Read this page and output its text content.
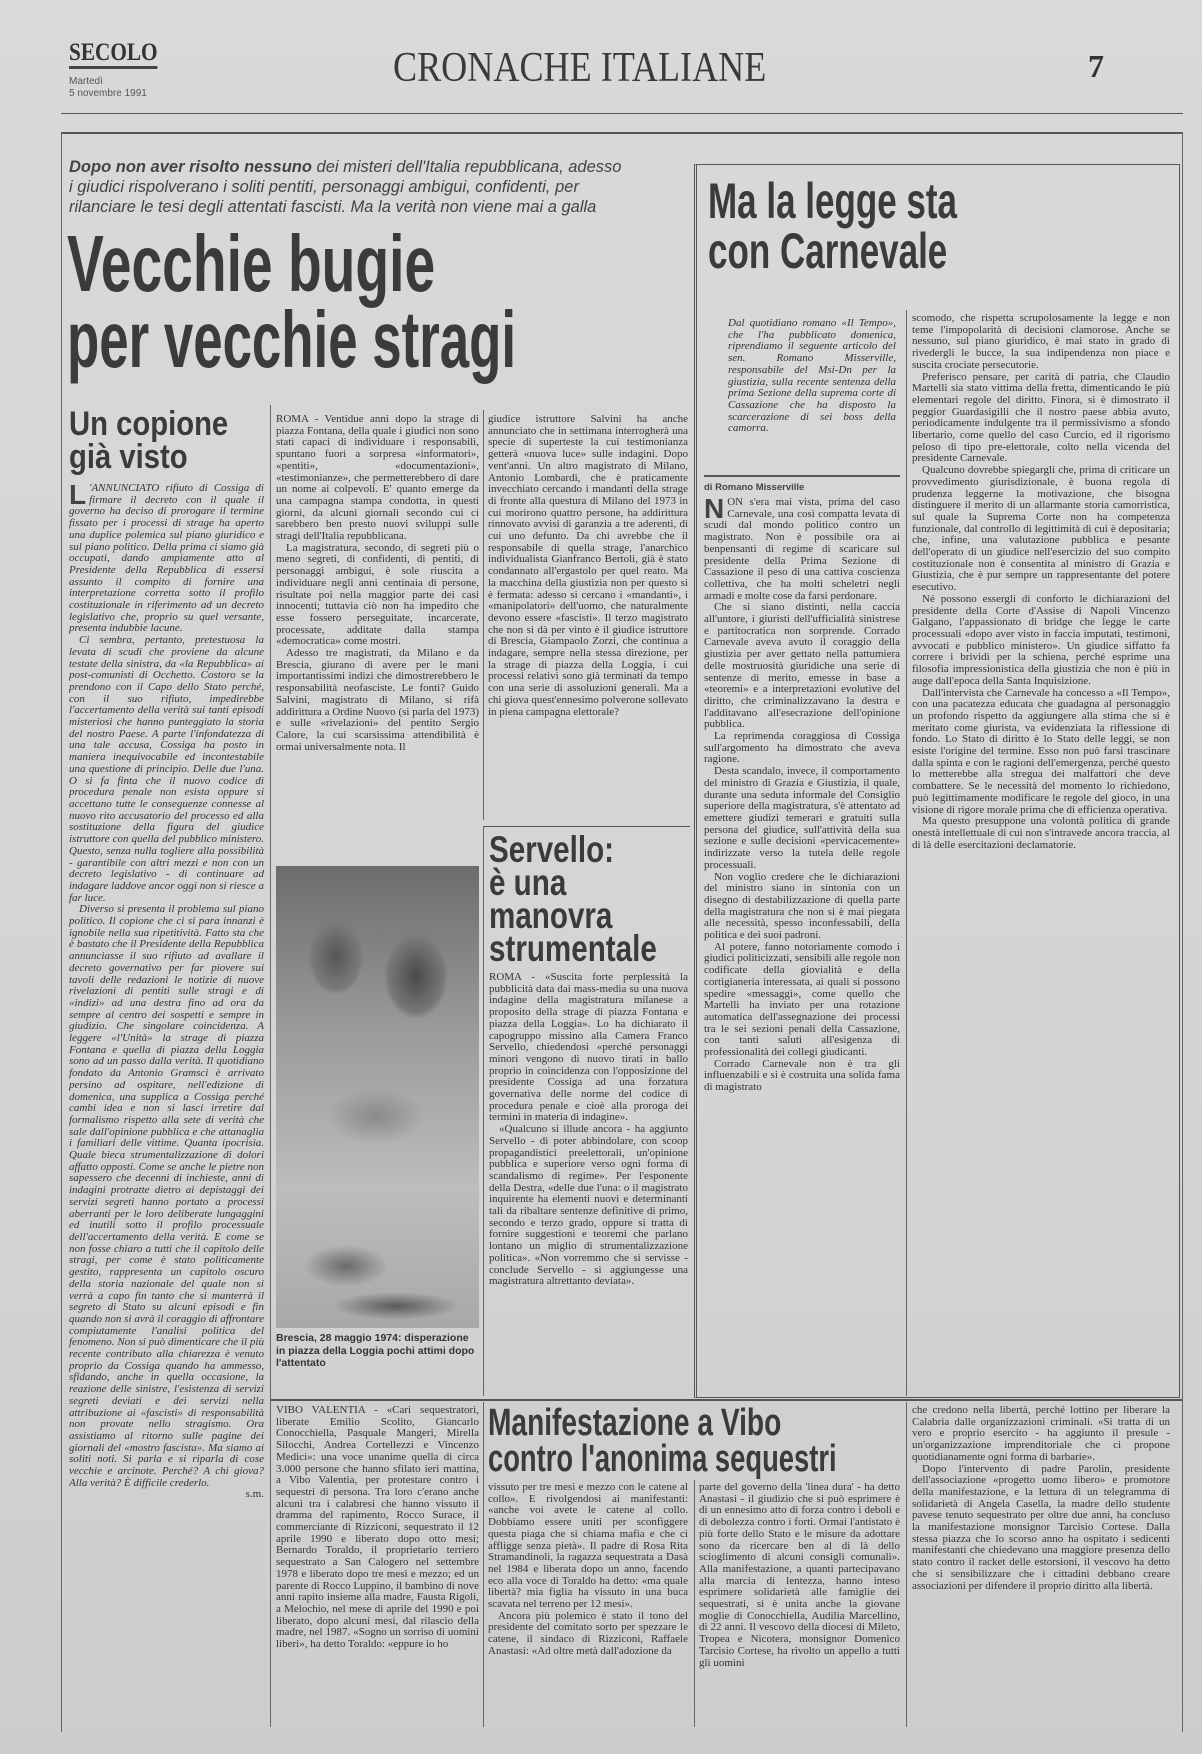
SECOLO
Martedì
5 novembre 1991
CRONACHE ITALIANE	7
Dopo non aver risolto nessuno dei misteri dell'Italia repubblicana, adesso i giudici rispolverano i soliti pentiti, personaggi ambigui, confidenti, per rilanciare le tesi degli attentati fascisti. Ma la verità non viene mai a galla
Vecchie bugie
per vecchie stragi
Un copione
già visto
L 'ANNUNCIATO rifiuto di Cossiga di firmare il decreto con il quale il governo ha deciso di prorogare il termine fissato per i processi di strage ha aperto una duplice polemica sul piano giuridico e sul piano politico. Della prima ci siamo già occupati, dando ampiamente atto al Presidente della Repubblica di essersi assunto il compito di fornire una interpretazione corretta sotto il profilo costituzionale in riferimento ad un decreto legislativo che, proprio su quel versante, presenta indubbie lacune.

Ci sembra, pertanto, pretestuosa la levata di scudi che proviene da alcune testate della sinistra, da «la Repubblica» ai post-comunisti di Occhetto. Costoro se la prendono con il Capo dello Stato perché, con il suo rifiuto, impedirebbe l'accertamento della verità sui tanti episodi misteriosi che hanno punteggiato la storia del nostro Paese. A parte l'infondatezza di una tale accusa, Cossiga ha posto in maniera inequivocabile ed incontestabile una questione di principio. Delle due l'una. O si fa finta che il nuovo codice di procedura penale non esista oppure si accettano tutte le conseguenze connesse al nuovo rito accusatorio del processo ed alla sostituzione della figura del giudice istruttore con quella del pubblico ministero. Questo, senza nulla togliere alla possibilità - garantibile con altri mezzi e non con un decreto legislativo - di continuare ad indagare laddove ancor oggi non si riesce a far luce.

Diverso si presenta il problema sul piano politico. Il copione che ci si para innanzi è ignobile nella sua ripetitività. Fatto sta che è bastato che il Presidente della Repubblica annunciasse il suo rifiuto ad avallare il decreto governativo per far piovere sui tavoli delle redazioni le notizie di nuove rivelazioni di pentiti sulle stragi e di «indizi» ad una destra fino ad ora da sempre al centro dei sospetti e sempre in giudizio. Che singolare coincidenza. A leggere «l'Unità» la strage di piazza Fontana e quella di piazza della Loggia sono ad un passo dalla verità. Il quotidiano fondato da Antonio Gramsci è arrivato persino ad ospitare, nell'edizione di domenica, una supplica a Cossiga perché cambi idea e non si lasci irretire dal formalismo rispetto alla sete di verità che sale dall'opinione pubblica e che attanaglia i familiari delle vittime. Quanta ipocrisia. Quale bieca strumentalizzazione di dolori affatto opposti. Come se anche le pietre non sapessero che decenni di inchieste, anni di indagini protratte dietro ai depistaggi dei servizi segreti hanno portato a processi aberranti per le loro deliberate lungaggini ed inutili sotto il profilo processuale dell'accertamento della verità. E come se non fosse chiaro a tutti che il capitolo delle stragi, per come è stato politicamente gestito, rappresenta un capitolo oscuro della storia nazionale del quale non si verrà a capo fin tanto che si manterrà il segreto di Stato su alcuni episodi e fin quando non si avrà il coraggio di affrontare compiutamente l'analisi politica del fenomeno. Non si può dimenticare che il più recente contributo alla chiarezza è venuto proprio da Cossiga quando ha ammesso, sfidando, anche in quella occasione, la reazione delle sinistre, l'esistenza di servizi segreti deviati e dei servizi nella attribuzione ai «fascisti» di responsabilità non provate nello stragismo. Ora assistiamo al ritorno sulle pagine dei giornali del «mostro fascista». Ma siamo ai soliti noti. Si parla e si riparla di cose vecchie e arcinote. Perché? A chi giova? Alla verità? È difficile crederlo.

s.m.

ROMA - Ventidue anni dopo la strage di piazza Fontana, della quale i giudici non sono stati capaci di individuare i responsabili, spuntano fuori a sorpresa «informatori», «pentiti», «documentazioni», «testimonianze», che permetterebbero di dare un nome ai colpevoli. E' quanto emerge da una campagna stampa condotta, in questi giorni, da alcuni giornali secondo cui ci sarebbero ben presto nuovi sviluppi sulle stragi dell'Italia repubblicana.

La magistratura, secondo, di segreti più o meno segreti, di confidenti, di pentiti, di personaggi ambigui, è sole riuscita a individuare negli anni centinaia di persone, risultate poi nella maggior parte dei casi innocenti; tuttavia ciò non ha impedito che esse fossero perseguitate, incarcerate, processate, additate dalla stampa «democratica» come mostri.

Adesso tre magistrati, da Milano e da Brescia, giurano di avere per le mani importantissimi indizi che dimostrerebbero le responsabilità neofasciste. Le fonti? Guido Salvini, magistrato di Milano, si rifà addirittura a Ordine Nuovo (si parla del 1973) e sulle «rivelazioni» del pentito Sergio Calore, la cui scarsissima attendibilità è ormai universalmente nota. Il

giudice istruttore Salvini ha anche annunciato che in settimana interrogherà una specie di superteste la cui testimonianza getterà «nuova luce» sulle indagini. Dopo vent'anni. Un altro magistrato di Milano, Antonio Lombardi, che è praticamente invecchiato cercando i mandanti della strage di fronte alla questura di Milano del 1973 in cui morirono quattro persone, ha addirittura rinnovato avvisi di garanzia a tre aderenti, di cui uno defunto. Da chi avrebbe che il responsabile di quella strage, l'anarchico individualista Gianfranco Bertoli, già è stato condannato all'ergastolo per quel reato. Ma la macchina della giustizia non per questo si è fermata: adesso si cercano i «mandanti», i «manipolatori» dell'uomo, che naturalmente devono essere «fascisti». Il terzo magistrato che non si dà per vinto è il giudice istruttore di Brescia, Giampaolo Zorzi, che continua a indagare, sempre nella stessa direzione, per la strage di piazza della Loggia, i cui processi relativi sono già terminati da tempo con una serie di assoluzioni generali. Ma a chi giova quest'ennesimo polverone sollevato in piena campagna elettorale?

Brescia, 28 maggio 1974: disperazione in piazza della Loggia pochi attimi dopo l'attentato
Servello:
è una
manovra
strumentale

ROMA - «Suscita forte perplessità la pubblicità data dai mass-media su una nuova indagine della magistratura milanese a proposito della strage di piazza Fontana e piazza della Loggia». Lo ha dichiarato il capogruppo missino alla Camera Franco Servello, chiedendosi «perché personaggi minori vengono di nuovo tirati in ballo proprio in coincidenza con l'opposizione del presidente Cossiga ad una forzatura governativa delle norme del codice di procedura penale e cioè alla proroga dei termini in materia di indagine».

«Qualcuno si illude ancora - ha aggiunto Servello - di poter abbindolare, con scoop propagandistici preelettorali, un'opinione pubblica e superiore verso ogni forma di scandalismo di regime». Per l'esponente della Destra, «delle due l'una: o il magistrato inquirente ha elementi nuovi e determinanti tali da ribaltare sentenze definitive di primo, secondo e terzo grado, oppure si tratta di fornire suggestioni e teoremi che parlano lontano un miglio di strumentalizzazione politica». «Non vorremmo che si servisse - conclude Servello - si aggiungesse una magistratura altrettanto deviata».

Ma la legge sta
con Carnevale
Dal quotidiano romano «Il Tempo», che l'ha pubblicato domenica, riprendiamo il seguente articolo del sen. Romano Misserville, responsabile del Msi-Dn per la giustizia, sulla recente sentenza della prima Sezione della suprema corte di Cassazione che ha disposto la scarcerazione di sei boss della camorra.
di Romano Misserville
N ON s'era mai vista, prima del caso Carnevale, una così compatta levata di scudi dal mondo politico contro un magistrato. Non è possibile ora ai benpensanti di regime di scaricare sul presidente della Prima Sezione di Cassazione il peso di una cattiva coscienza collettiva, che ha molti scheletri negli armadi e molte cose da farsi perdonare.

Che si siano distinti, nella caccia all'untore, i giuristi dell'ufficialità sinistrese e partitocratica non sorprende. Corrado Carnevale aveva avuto il coraggio della giustizia per aver gettato nella pattumiera delle mostruosità giuridiche una serie di sentenze di merito, emesse in base a «teoremi» e a interpretazioni evolutive del diritto, che criminalizzavano la destra e l'additavano all'esecrazione dell'opinione pubblica.

La reprimenda coraggiosa di Cossiga sull'argomento ha dimostrato che aveva ragione.

Desta scandalo, invece, il comportamento del ministro di Grazia e Giustizia, il quale, durante una seduta informale del Consiglio superiore della magistratura, s'è attentato ad emettere giudizi temerari e gratuiti sulla persona del giudice, sull'attività della sua sezione e sulle decisioni «pervicacemente» indirizzate verso la tutela delle regole processuali.

Non voglio credere che le dichiarazioni del ministro siano in sintonia con un disegno di destabilizzazione di quella parte della magistratura che non si è mai piegata alle necessità, spesso inconfessabili, della politica e dei suoi padroni.

Al potere, fanno notoriamente comodo i giudici politicizzati, sensibili alle regole non codificate della giovialità e della cortigianeria interessata, ai quali si possono spedire «messaggi», come quello che Martelli ha inviato per una rotazione automatica dell'assegnazione dei processi tra le sei sezioni penali della Cassazione, con tanti saluti all'esigenza di professionalità dei collegi giudicanti.

Corrado Carnevale non è tra gli influenzabili e si è costruita una solida fama di magistrato

scomodo, che rispetta scrupolosamente la legge e non teme l'impopolarità di decisioni clamorose. Anche se nessuno, sul piano giuridico, è mai stato in grado di rivedergli le bucce, la sua indipendenza non piace e suscita crociate persecutorie.

Preferisco pensare, per carità di patria, che Claudio Martelli sia stato vittima della fretta, dimenticando le più elementari regole del diritto. Finora, si è dimostrato il peggior Guardasigilli che il nostro paese abbia avuto, periodicamente indulgente tra il permissivismo a sfondo libertario, come quello del caso Curcio, ed il rigorismo peloso di tipo pre-elettorale, colto nella vicenda del presidente Carnevale.

Qualcuno dovrebbe spiegargli che, prima di criticare un provvedimento giurisdizionale, è buona regola di prudenza leggerne la motivazione, che bisogna distinguere il merito di un allarmante storia camorristica, sul quale la Suprema Corte non ha competenza funzionale, dal controllo di legittimità di cui è depositaria; che, infine, una valutazione pubblica e pesante dell'operato di un giudice nell'esercizio del suo compito costituzionale non è consentita al ministro di Grazia e Giustizia, che è pur sempre un rappresentante del potere esecutivo.

Né possono essergli di conforto le dichiarazioni del presidente della Corte d'Assise di Napoli Vincenzo Galgano, l'appassionato di bridge che legge le carte processuali «dopo aver visto in faccia imputati, testimoni, avvocati e pubblico ministero». Un giudice siffatto fa correre i brividi per la schiena, perché esprime una filosofia impressionistica della giustizia che non è più in auge dall'epoca della Santa Inquisizione.

Dall'intervista che Carnevale ha concesso a «Il Tempo», con una pacatezza educata che guadagna al personaggio un profondo rispetto da aggiungere alla stima che si è meritato come giurista, va evidenziata la riflessione di fondo. Lo Stato di diritto è lo Stato delle leggi, se non esiste l'origine del termine. Esso non può farsi trascinare dalla spinta e con le ragioni dell'emergenza, perché questo lo metterebbe alla stregua dei malfattori che deve combattere. Se le necessità del momento lo richiedono, può legittimamente modificare le regole del gioco, in una visione di rigore morale prima che di efficienza operativa.

Ma questo presuppone una volontà politica di grande onestà intellettuale di cui non s'intravede ancora traccia, al di là delle esercitazioni declamatorie.

VIBO VALENTIA - «Cari sequestratori, liberate Emilio Scolito, Giancarlo Conocchiella, Pasquale Mangeri, Mirella Silocchi, Andrea Cortellezzi e Vincenzo Medici»: una voce unanime quella di circa 3.000 persone che hanno sfilato ieri mattina, a Vibo Valentia, per protestare contro i sequestri di persona. Tra loro c'erano anche alcuni tra i calabresi che hanno vissuto il dramma del rapimento, Rocco Surace, il commerciante di Rizziconi, sequestrato il 12 aprile 1990 e liberato dopo otto mesi; Bernardo Toraldo, il proprietario terriero sequestrato a San Calogero nel settembre 1978 e liberato dopo tre mesi e mezzo; ed un parente di Rocco Luppino, il bambino di nove anni rapito insieme alla madre, Fausta Rigoli, a Melochio, nel mese di aprile del 1990 e poi liberato, dopo alcuni mesi, dal rilascio della madre, nel 1987. «Sogno un sorriso di uomini liberi», ha detto Toraldo: «eppure io ho

Manifestazione a Vibo
contro l'anonima sequestri

vissuto per tre mesi e mezzo con le catene al collo». E rivolgendosi ai manifestanti: «anche voi avete le catene al collo. Dobbiamo essere uniti per sconfiggere questa piaga che si chiama mafia e che ci affligge senza pietà». Il padre di Rosa Rita Stramandinoli, la ragazza sequestrata a Dasà nel 1984 e liberata dopo un anno, facendo eco alla voce di Toraldo ha detto: «ma quale libertà? mia figlia ha vissuto in una buca scavata nel terreno per 12 mesi».

Ancora più polemico è stato il tono del presidente del comitato sorto per spezzare le catene, il sindaco di Rizziconi, Raffaele Anastasi: «Ad oltre metà dall'adozione da

parte del governo della 'linea dura' - ha detto Anastasi - il giudizio che si può esprimere è di un ennesimo atto di forza contro i deboli e di debolezza contro i forti. Ormai l'antistato è più forte dello Stato e le misure da adottare sono da ricercare ben al di là dello scioglimento di alcuni consigli comunali». Alla manifestazione, a quanti partecipavano alla marcia di lentezza, hanno inteso esprimere solidarietà alle famiglie dei sequestrati, si è unita anche la giovane moglie di Conocchiella, Audilia Marcellino, di 22 anni. Il vescovo della diocesi di Mileto, Tropea e Nicotera, monsignor Domenico Tarcisio Cortese, ha rivolto un appello a tutti gli uomini

che credono nella libertà, perché lottino per liberare la Calabria dalle organizzazioni criminali. «Si tratta di un vero e proprio esercito - ha aggiunto il presule - un'organizzazione imprenditoriale che ci propone quotidianamente ogni forma di barbarie».

Dopo l'intervento di padre Parolin, presidente dell'associazione «progetto uomo libero» e promotore della manifestazione, e la lettura di un telegramma di solidarietà di Angela Casella, la madre dello studente pavese tenuto sequestrato per oltre due anni, ha concluso la manifestazione monsignor Tarcisio Cortese. Dalla stessa piazza che lo scorso anno ha ospitato i sedicenti manifestanti che chiedevano una maggiore presenza dello stato contro il racket delle estorsioni, il vescovo ha detto che si sensibilizzare che i cittadini debbano creare associazioni per difendere il proprio diritto alla libertà.
